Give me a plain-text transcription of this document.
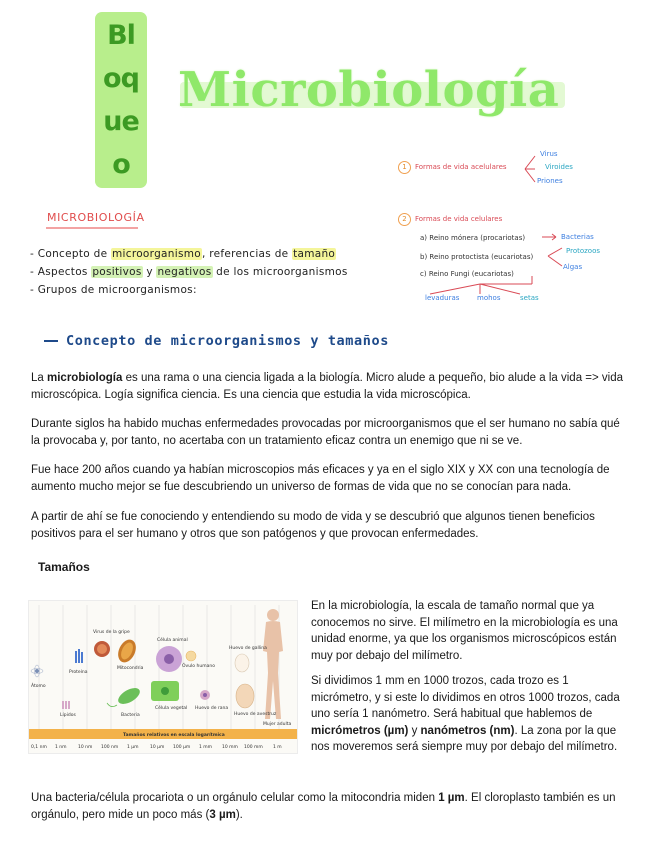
Bl
oq
ue
o
Microbiología
MICROBIOLOGÍA
- Concepto de microorganismo, referencias de tamaño
- Aspectos positivos y negativos de los microorganismos
- Grupos de microorganismos:
1	Formas de vida acelulares
Virus
Viroides
Priones
2	Formas de vida celulares
a) Reino mónera (procariotas)
b) Reino protoctista (eucariotas)
c) Reino Fungi (eucariotas)
Bacterias
Protozoos
Algas
levaduras	mohos	setas
Concepto de microorganismos y tamaños
La microbiología es una rama o una ciencia ligada a la biología. Micro alude a pequeño, bio alude a la vida => vida microscópica. Logía significa ciencia. Es una ciencia que estudia la vida microscópica.
Durante siglos ha habido muchas enfermedades provocadas por microorganismos que el ser humano no sabía qué la provocaba y, por tanto, no acertaba con un tratamiento eficaz contra un enemigo que ni se ve.
Fue hace 200 años cuando ya habían microscopios más eficaces y ya en el siglo XIX y XX con una tecnología de aumento mucho mejor se fue descubriendo un universo de formas de vida que no se conocían para nada.
A partir de ahí se fue conociendo y entendiendo su modo de vida y se descubrió que algunos tienen beneficios positivos para el ser humano y otros que son patógenos y que provocan enfermedades.
Tamaños
Átomo
Proteína
Lípidos
Virus de la gripe
Mitocondria
Bacteria
Célula animal
Célula vegetal
Óvulo humano
Huevo de rana
Huevo de gallina
Huevo de avestruz
Mujer adulta
Tamaños relativos en escala logarítmica
0,1 nm 1 nm	10 nm 100 nm 1 µm	10 µm 100 µm 1 mm 10 mm 100 mm 1 m
En la microbiología, la escala de tamaño normal que ya conocemos no sirve. El milímetro en la microbiología es una unidad enorme, ya que los organismos microscópicos están muy por debajo del milímetro.
Si dividimos 1 mm en 1000 trozos, cada trozo es 1 micrómetro, y si este lo dividimos en otros 1000 trozos, cada uno sería 1 nanómetro. Será habitual que hablemos de micrómetros (µm) y nanómetros (nm). La zona por la que nos moveremos será siempre muy por debajo del milímetro.
Una bacteria/célula procariota o un orgánulo celular como la mitocondria miden 1 µm. El cloroplasto también es un orgánulo, pero mide un poco más (3 µm).
